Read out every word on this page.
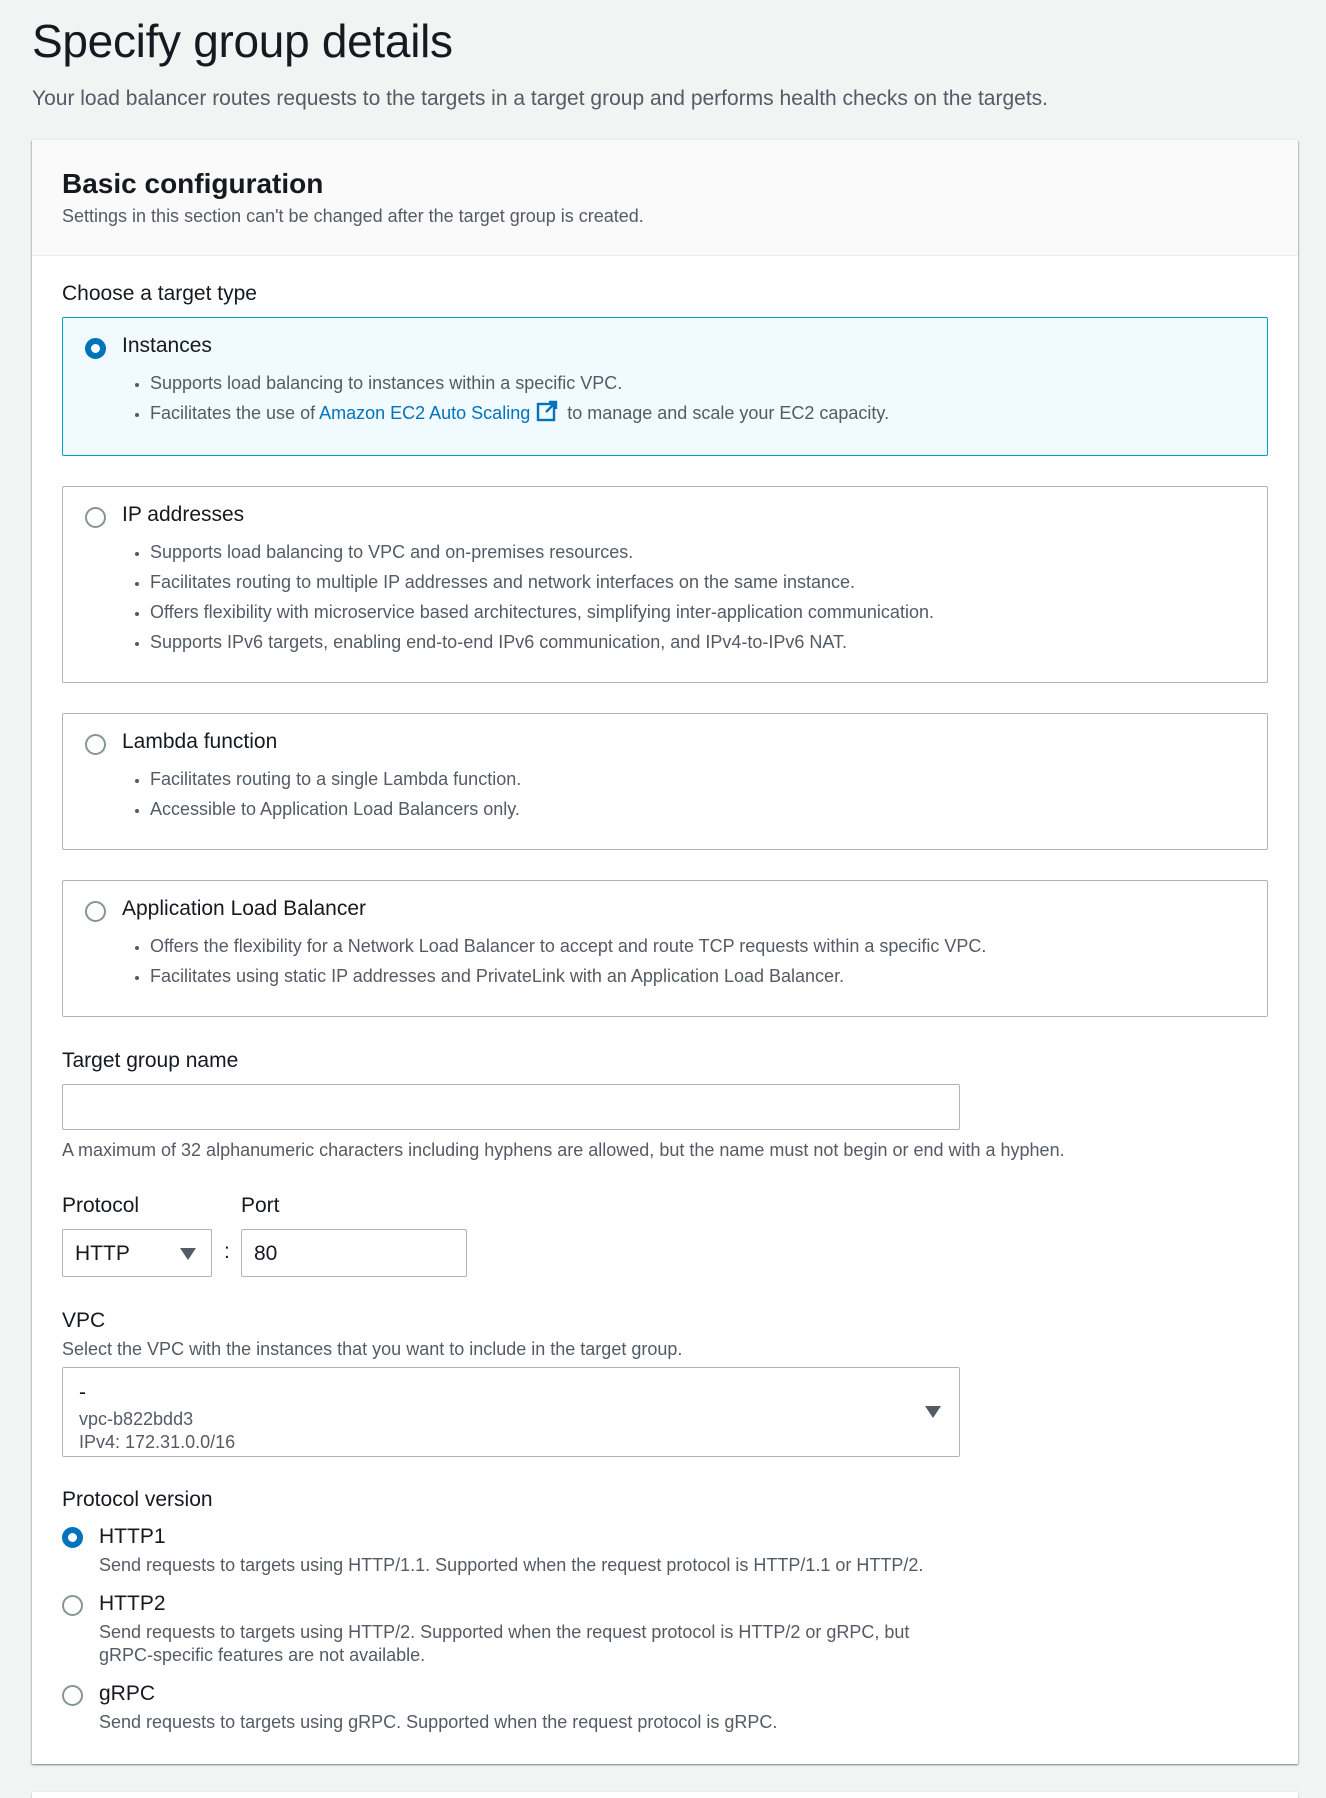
Specify group details
Your load balancer routes requests to the targets in a target group and performs health checks on the targets.
Basic configuration
Settings in this section can't be changed after the target group is created.
Choose a target type
Instances
• Supports load balancing to instances within a specific VPC.
• Facilitates the use of Amazon EC2 Auto Scaling to manage and scale your EC2 capacity.
IP addresses
• Supports load balancing to VPC and on-premises resources.
• Facilitates routing to multiple IP addresses and network interfaces on the same instance.
• Offers flexibility with microservice based architectures, simplifying inter-application communication.
• Supports IPv6 targets, enabling end-to-end IPv6 communication, and IPv4-to-IPv6 NAT.
Lambda function
• Facilitates routing to a single Lambda function.
• Accessible to Application Load Balancers only.
Application Load Balancer
• Offers the flexibility for a Network Load Balancer to accept and route TCP requests within a specific VPC.
• Facilitates using static IP addresses and PrivateLink with an Application Load Balancer.
Target group name
A maximum of 32 alphanumeric characters including hyphens are allowed, but the name must not begin or end with a hyphen.
Protocol	Port
HTTP	: 80
VPC
Select the VPC with the instances that you want to include in the target group.
-
vpc-b822bdd3
IPv4: 172.31.0.0/16
Protocol version
HTTP1
Send requests to targets using HTTP/1.1. Supported when the request protocol is HTTP/1.1 or HTTP/2.
HTTP2
Send requests to targets using HTTP/2. Supported when the request protocol is HTTP/2 or gRPC, but
gRPC-specific features are not available.
gRPC
Send requests to targets using gRPC. Supported when the request protocol is gRPC.
